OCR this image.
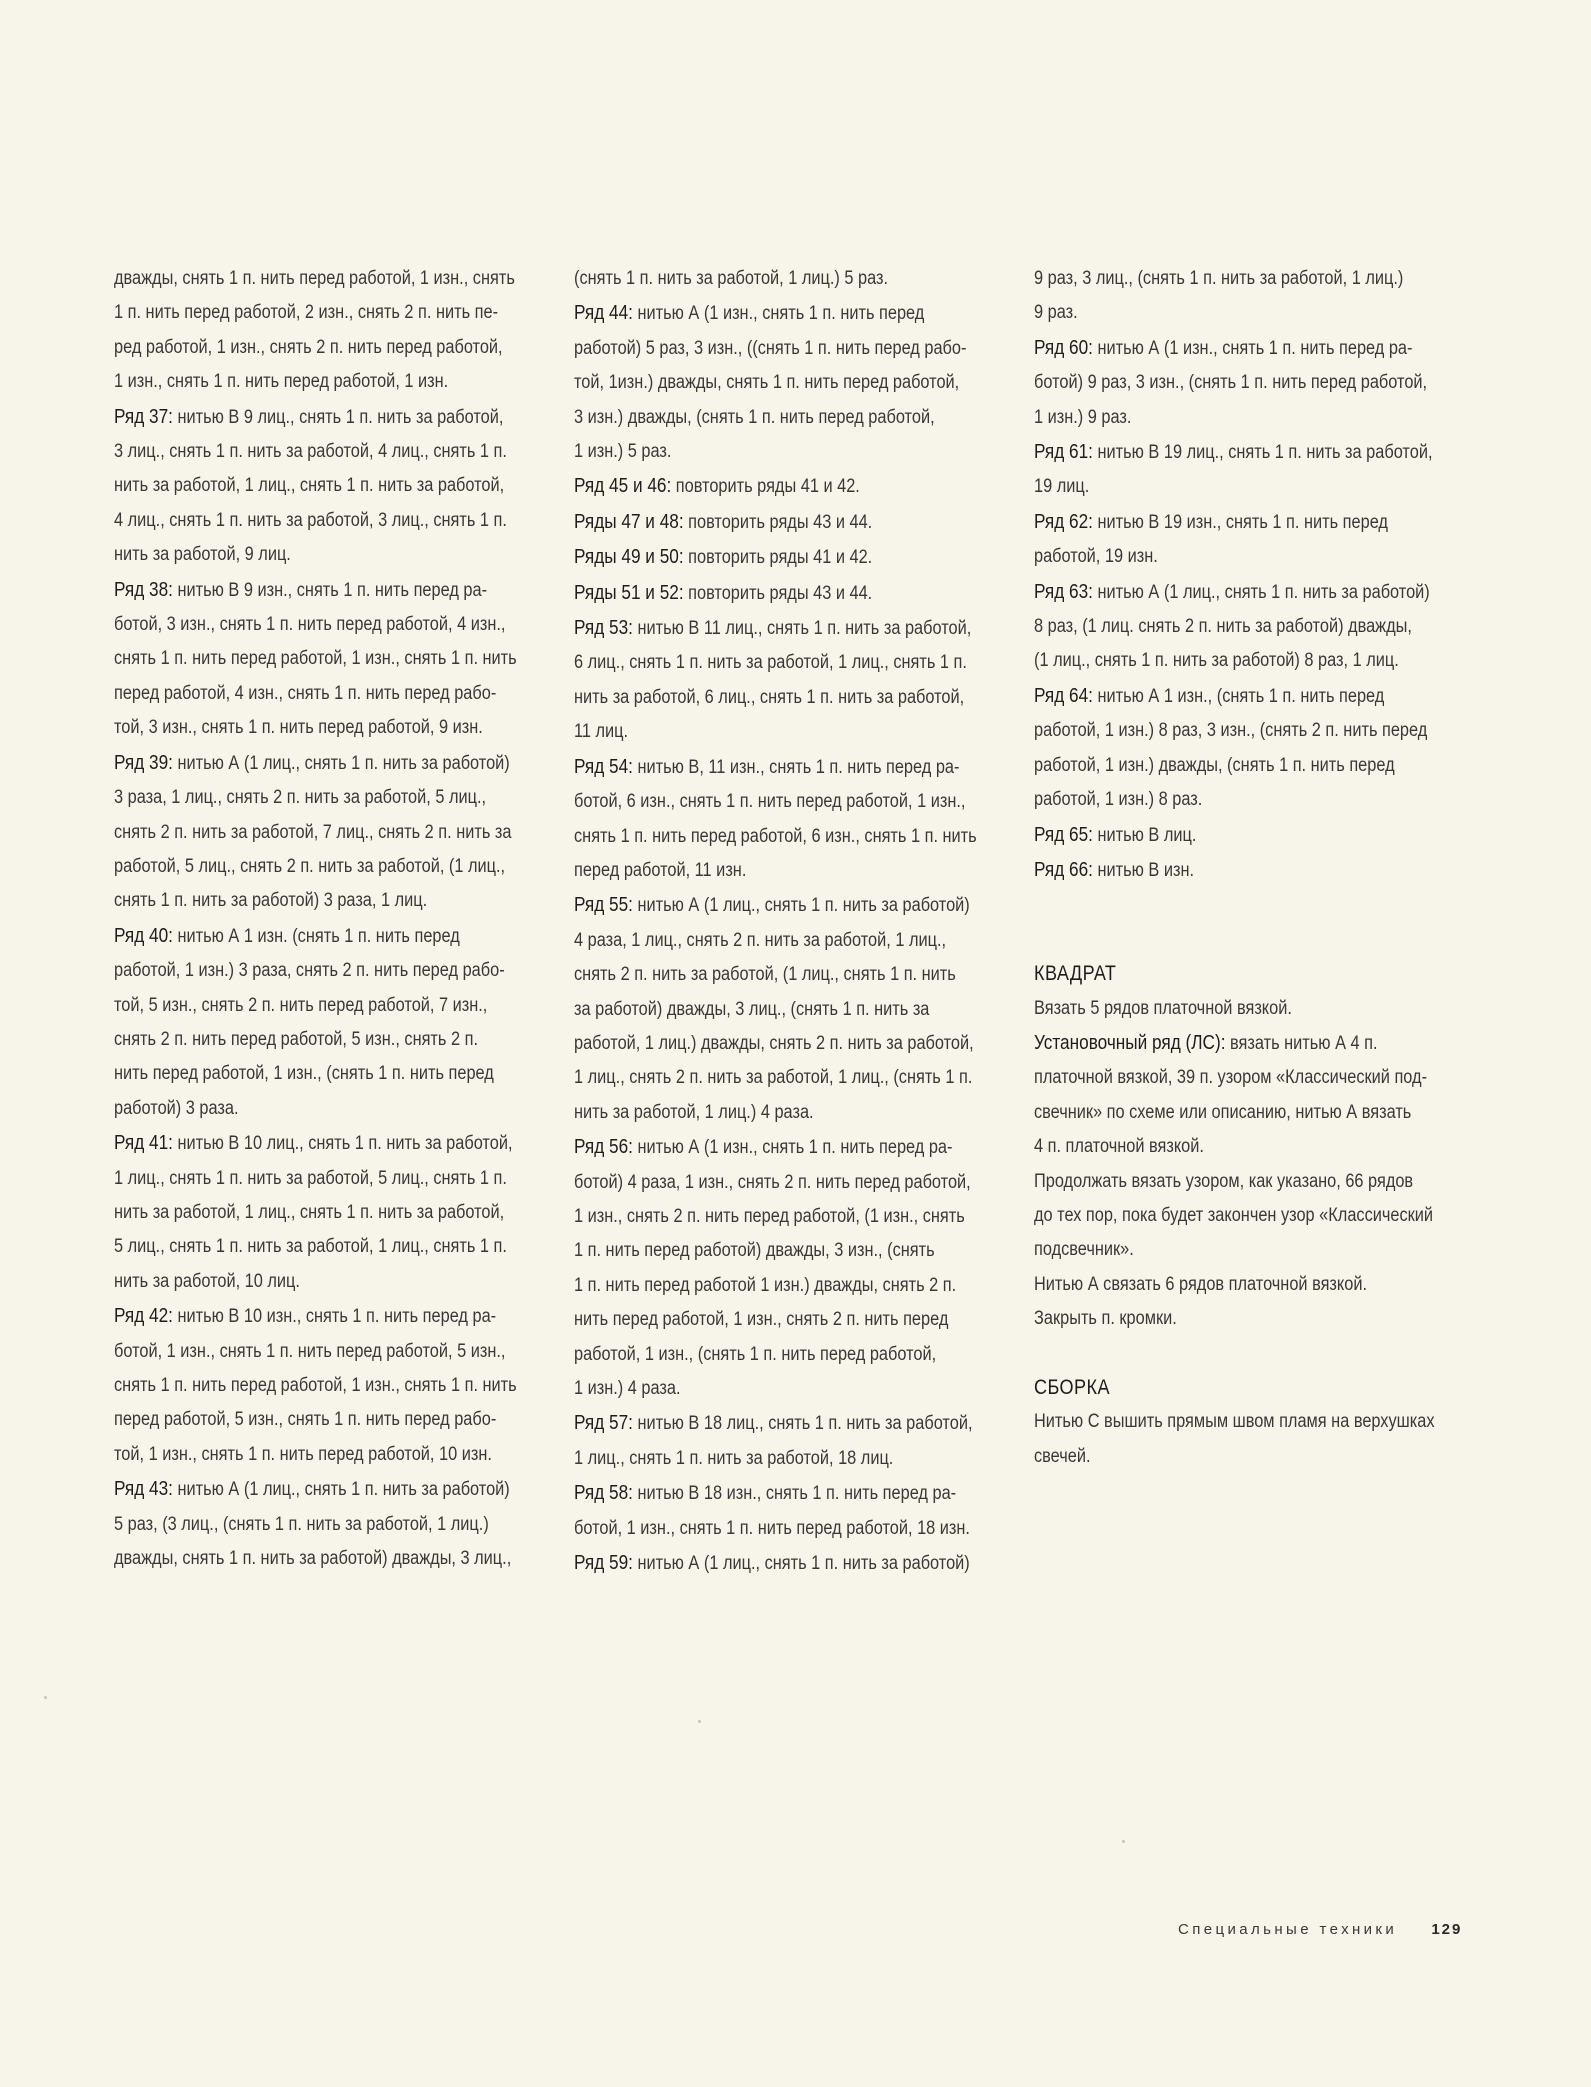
дважды, снять 1 п. нить перед работой, 1 изн., снять

1 п. нить перед работой, 2 изн., снять 2 п. нить пе-

ред работой, 1 изн., снять 2 п. нить перед работой,

1 изн., снять 1 п. нить перед работой, 1 изн.

Ряд 37: нитью В 9 лиц., снять 1 п. нить за работой,

3 лиц., снять 1 п. нить за работой, 4 лиц., снять 1 п.

нить за работой, 1 лиц., снять 1 п. нить за работой,

4 лиц., снять 1 п. нить за работой, 3 лиц., снять 1 п.

нить за работой, 9 лиц.

Ряд 38: нитью В 9 изн., снять 1 п. нить перед ра-

ботой, 3 изн., снять 1 п. нить перед работой, 4 изн.,

снять 1 п. нить перед работой, 1 изн., снять 1 п. нить

перед работой, 4 изн., снять 1 п. нить перед рабо-

той, 3 изн., снять 1 п. нить перед работой, 9 изн.

Ряд 39: нитью А (1 лиц., снять 1 п. нить за работой)

3 раза, 1 лиц., снять 2 п. нить за работой, 5 лиц.,

снять 2 п. нить за работой, 7 лиц., снять 2 п. нить за

работой, 5 лиц., снять 2 п. нить за работой, (1 лиц.,

снять 1 п. нить за работой) 3 раза, 1 лиц.

Ряд 40: нитью А 1 изн. (снять 1 п. нить перед

работой, 1 изн.) 3 раза, снять 2 п. нить перед рабо-

той, 5 изн., снять 2 п. нить перед работой, 7 изн.,

снять 2 п. нить перед работой, 5 изн., снять 2 п.

нить перед работой, 1 изн., (снять 1 п. нить перед

работой) 3 раза.

Ряд 41: нитью В 10 лиц., снять 1 п. нить за работой,

1 лиц., снять 1 п. нить за работой, 5 лиц., снять 1 п.

нить за работой, 1 лиц., снять 1 п. нить за работой,

5 лиц., снять 1 п. нить за работой, 1 лиц., снять 1 п.

нить за работой, 10 лиц.

Ряд 42: нитью В 10 изн., снять 1 п. нить перед ра-

ботой, 1 изн., снять 1 п. нить перед работой, 5 изн.,

снять 1 п. нить перед работой, 1 изн., снять 1 п. нить

перед работой, 5 изн., снять 1 п. нить перед рабо-

той, 1 изн., снять 1 п. нить перед работой, 10 изн.

Ряд 43: нитью А (1 лиц., снять 1 п. нить за работой)

5 раз, (3 лиц., (снять 1 п. нить за работой, 1 лиц.)

дважды, снять 1 п. нить за работой) дважды, 3 лиц.,

(снять 1 п. нить за работой, 1 лиц.) 5 раз.

Ряд 44: нитью А (1 изн., снять 1 п. нить перед

работой) 5 раз, 3 изн., ((снять 1 п. нить перед рабо-

той, 1изн.) дважды, снять 1 п. нить перед работой,

3 изн.) дважды, (снять 1 п. нить перед работой,

1 изн.) 5 раз.

Ряд 45 и 46: повторить ряды 41 и 42.

Ряды 47 и 48: повторить ряды 43 и 44.

Ряды 49 и 50: повторить ряды 41 и 42.

Ряды 51 и 52: повторить ряды 43 и 44.

Ряд 53: нитью В 11 лиц., снять 1 п. нить за работой,

6 лиц., снять 1 п. нить за работой, 1 лиц., снять 1 п.

нить за работой, 6 лиц., снять 1 п. нить за работой,

11 лиц.

Ряд 54: нитью В, 11 изн., снять 1 п. нить перед ра-

ботой, 6 изн., снять 1 п. нить перед работой, 1 изн.,

снять 1 п. нить перед работой, 6 изн., снять 1 п. нить

перед работой, 11 изн.

Ряд 55: нитью А (1 лиц., снять 1 п. нить за работой)

4 раза, 1 лиц., снять 2 п. нить за работой, 1 лиц.,

снять 2 п. нить за работой, (1 лиц., снять 1 п. нить

за работой) дважды, 3 лиц., (снять 1 п. нить за

работой, 1 лиц.) дважды, снять 2 п. нить за работой,

1 лиц., снять 2 п. нить за работой, 1 лиц., (снять 1 п.

нить за работой, 1 лиц.) 4 раза.

Ряд 56: нитью А (1 изн., снять 1 п. нить перед ра-

ботой) 4 раза, 1 изн., снять 2 п. нить перед работой,

1 изн., снять 2 п. нить перед работой, (1 изн., снять

1 п. нить перед работой) дважды, 3 изн., (снять

1 п. нить перед работой 1 изн.) дважды, снять 2 п.

нить перед работой, 1 изн., снять 2 п. нить перед

работой, 1 изн., (снять 1 п. нить перед работой,

1 изн.) 4 раза.

Ряд 57: нитью В 18 лиц., снять 1 п. нить за работой,

1 лиц., снять 1 п. нить за работой, 18 лиц.

Ряд 58: нитью В 18 изн., снять 1 п. нить перед ра-

ботой, 1 изн., снять 1 п. нить перед работой, 18 изн.

Ряд 59: нитью А (1 лиц., снять 1 п. нить за работой)

9 раз, 3 лиц., (снять 1 п. нить за работой, 1 лиц.)

9 раз.

Ряд 60: нитью А (1 изн., снять 1 п. нить перед ра-

ботой) 9 раз, 3 изн., (снять 1 п. нить перед работой,

1 изн.) 9 раз.

Ряд 61: нитью В 19 лиц., снять 1 п. нить за работой,

19 лиц.

Ряд 62: нитью В 19 изн., снять 1 п. нить перед

работой, 19 изн.

Ряд 63: нитью А (1 лиц., снять 1 п. нить за работой)

8 раз, (1 лиц. снять 2 п. нить за работой) дважды,

(1 лиц., снять 1 п. нить за работой) 8 раз, 1 лиц.

Ряд 64: нитью А 1 изн., (снять 1 п. нить перед

работой, 1 изн.) 8 раз, 3 изн., (снять 2 п. нить перед

работой, 1 изн.) дважды, (снять 1 п. нить перед

работой, 1 изн.) 8 раз.

Ряд 65: нитью В лиц.

Ряд 66: нитью В изн.

КВАДРАТ

Вязать 5 рядов платочной вязкой.

Установочный ряд (ЛС): вязать нитью А 4 п.

платочной вязкой, 39 п. узором «Классический под-

свечник» по схеме или описанию, нитью А вязать

4 п. платочной вязкой.

Продолжать вязать узором, как указано, 66 рядов

до тех пор, пока будет закончен узор «Классический

подсвечник».

Нитью А связать 6 рядов платочной вязкой.

Закрыть п. кромки.

СБОРКА

Нитью С вышить прямым швом пламя на верхушках

свечей.

Специальные техники 129
